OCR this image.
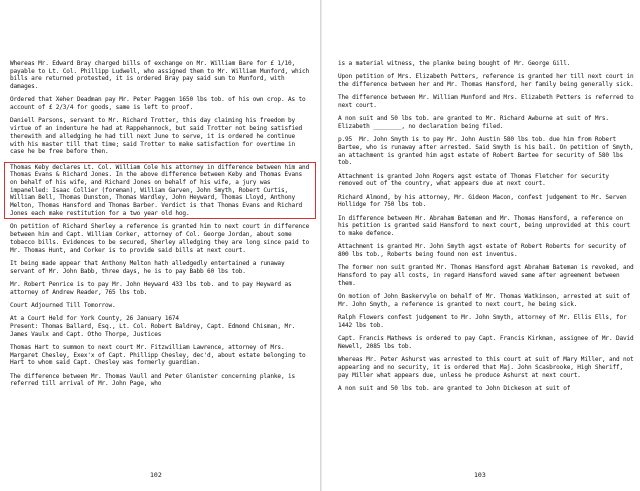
Whereas Mr. Edward Bray charged bills of exchange on Mr. William Bare for £ 1/10, payable to Lt. Col. Phillipp Ludwell, who assigned them to Mr. William Munford, which bills are returned protested, it is ordered Bray pay said sum to Munford, with damages.

Ordered that Xeher Deadman pay Mr. Peter Paggen 1650 lbs tob. of his own crop. As to account of £ 2/3/4 for goods, same is left to proof.

Daniell Parsons, servant to Mr. Richard Trotter, this day claiming his freedom by virtue of an indenture he had at Rappehannock, but said Trotter not being satisfied therewith and alledging he had till next June to serve, it is ordered he continue with his master till that time; said Trotter to make satisfaction for overtime in case he be free before then.

Thomas Keby declares Lt. Col. William Cole his attorney in difference between him and Thomas Evans & Richard Jones. In the above difference between Keby and Thomas Evans on behalf of his wife, and Richard Jones on behalf of his wife, a jury was impanelled: Isaac Collier (foreman), William Garven, John Smyth, Robert Curtis, William Bell, Thomas Dunston, Thomas Wardley, John Heyward, Thomas Lloyd, Anthony Melton, Thomas Hansford and Thomas Barber. Verdict is that Thomas Evans and Richard Jones each make restitution for a two year old hog.

On petition of Richard Sherley a reference is granted him to next court in difference between him and Capt. William Corker, attorney of Col. George Jordan, about some tobacco bills. Evidences to be secured, Sherley alledging they are long since paid to Mr. Thomas Hunt, and Corker is to provide said bills at next court.

It being made appear that Anthony Melton hath alledgedly entertained a runaway servant of Mr. John Babb, three days, he is to pay Babb 60 lbs tob.

Mr. Robert Penrice is to pay Mr. John Heyward 433 lbs tob. and to pay Heyward as attorney of Andrew Reader, 765 lbs tob.

Court Adjourned Till Tomorrow.

At a Court Held for York County, 26 January 1674
Present: Thomas Ballard, Esq., Lt. Col. Robert Baldrey, Capt. Edmond Chisman, Mr. James Vaulx and Capt. Otho Thorpe, Justices

Thomas Hart to summon to next court Mr. Fitzwilliam Lawrence, attorney of Mrs. Margaret Chesley, Exex'x of Capt. Phillipp Chesley, dec'd, about estate belonging to Hart to whom said Capt. Chesley was formerly guardian.

The difference between Mr. Thomas Vaull and Peter Glanister concerning planke, is referred till arrival of Mr. John Page, who

102

is a material witness, the planke being bought of Mr. George Gill.

Upon petition of Mrs. Elizabeth Petters, reference is granted her till next court in the difference between her and Mr. Thomas Hansford, her family being generally sick.

The difference between Mr. William Munford and Mrs. Elizabeth Petters is referred to next court.

A non suit and 50 lbs tob. are granted to Mr. Richard Awburne at suit of Mrs. Elizabeth ________, no declaration being filed.

p.95  Mr. John Smyth is to pay Mr. John Austin 580 lbs tob. due him from Robert Bartee, who is runaway after arrested. Said Smyth is his bail. On petition of Smyth, an attachment is granted him agst estate of Robert Bartee for security of 580 lbs tob.

Attachment is granted John Rogers agst estate of Thomas Fletcher for security removed out of the country, what appears due at next court.

Richard Almond, by his attorney, Mr. Gideon Macon, confest judgement to Mr. Serven Hollidge for 750 lbs tob.

In difference between Mr. Abraham Bateman and Mr. Thomas Hansford, a reference on his petition is granted said Hansford to next court, being unprovided at this court to make defence.

Attachment is granted Mr. John Smyth agst estate of Robert Roberts for security of 800 lbs tob., Roberts being found non est inventus.

The former non suit granted Mr. Thomas Hansford agst Abraham Bateman is revoked, and Hansford to pay all costs, in regard Hansford waved same after agreement between them.

On motion of John Baskervyle on behalf of Mr. Thomas Watkinson, arrested at suit of Mr. John Smyth, a reference is granted to next court, he being sick.

Ralph Flowers confest judgement to Mr. John Smyth, attorney of Mr. Ellis Ells, for 1442 lbs tob.

Capt. Francis Mathews is ordered to pay Capt. Francis Kirkman, assignee of Mr. David Newell, 2085 lbs tob.

Whereas Mr. Peter Ashurst was arrested to this court at suit of Mary Miller, and not appearing and no security, it is ordered that Maj. John Scasbrooke, High Sheriff, pay Miller what appears due, unless he produce Ashurst at next court.

A non suit and 50 lbs tob. are granted to John Dickeson at suit of

103
